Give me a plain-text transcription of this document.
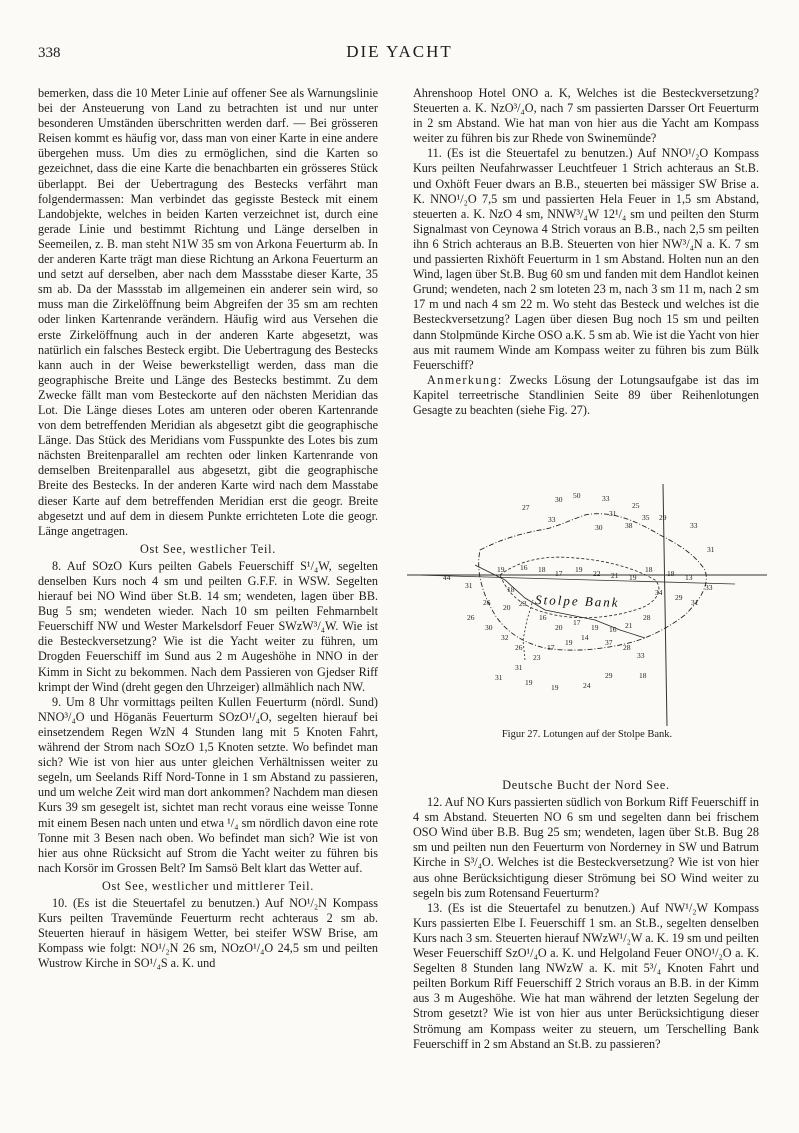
338	DIE YACHT

bemerken, dass die 10 Meter Linie auf offener See als Warnungslinie bei der Ansteuerung von Land zu betrachten ist und nur unter besonderen Umständen überschritten werden darf. — Bei grösseren Reisen kommt es häufig vor, dass man von einer Karte in eine andere übergehen muss. Um dies zu ermöglichen, sind die Karten so gezeichnet, dass die eine Karte die benachbarten ein grösseres Stück überlappt. Bei der Uebertragung des Bestecks verfährt man folgendermassen: Man verbindet das gegisste Besteck mit einem Landobjekte, welches in beiden Karten verzeichnet ist, durch eine gerade Linie und bestimmt Richtung und Länge derselben in Seemeilen, z. B. man steht N1W 35 sm von Arkona Feuerturm ab. In der anderen Karte trägt man diese Richtung an Arkona Feuerturm an und setzt auf derselben, aber nach dem Massstabe dieser Karte, 35 sm ab. Da der Massstab im allgemeinen ein anderer sein wird, so muss man die Zirkelöffnung beim Abgreifen der 35 sm am rechten oder linken Kartenrande verändern. Häufig wird aus Versehen die erste Zirkelöffnung auch in der anderen Karte abgesetzt, was natürlich ein falsches Besteck ergibt. Die Uebertragung des Bestecks kann auch in der Weise bewerkstelligt werden, dass man die geographische Breite und Länge des Bestecks bestimmt. Zu dem Zwecke fällt man vom Besteckorte auf den nächsten Meridian das Lot. Die Länge dieses Lotes am unteren oder oberen Kartenrande von dem betreffenden Meridian als abgesetzt gibt die geographische Länge. Das Stück des Meridians vom Fusspunkte des Lotes bis zum nächsten Breitenparallel am rechten oder linken Kartenrande von demselben Breitenparallel aus abgesetzt, gibt die geographische Breite des Bestecks. In der anderen Karte wird nach dem Masstabe dieser Karte auf dem betreffenden Meridian erst die geogr. Breite abgesetzt und auf dem in diesem Punkte errichteten Lote die geogr. Länge angetragen.

Ost See, westlicher Teil.

8. Auf SOzO Kurs peilten Gabels Feuerschiff S¹/₄W, segelten denselben Kurs noch 4 sm und peilten G.F.F. in WSW. Segelten hierauf bei NO Wind über St.B. 14 sm; wendeten, lagen über BB. Bug 5 sm; wendeten wieder. Nach 10 sm peilten Fehmarnbelt Feuerschiff NW und Wester Markelsdorf Feuer SWzW³/₄W. Wie ist die Besteckversetzung? Wie ist die Yacht weiter zu führen, um Drogden Feuerschiff im Sund aus 2 m Augeshöhe in NNO in der Kimm in Sicht zu bekommen. Nach dem Passieren von Gjedser Riff krimpt der Wind (dreht gegen den Uhrzeiger) allmählich nach NW.

9. Um 8 Uhr vormittags peilten Kullen Feuerturm (nördl. Sund) NNO³/₄O und Höganäs Feuerturm SOzO¹/₄O, segelten hierauf bei einsetzendem Regen WzN 4 Stunden lang mit 5 Knoten Fahrt, während der Strom nach SOzO 1,5 Knoten setzte. Wo befindet man sich? Wie ist von hier aus unter gleichen Verhältnissen weiter zu segeln, um Seelands Riff Nord-Tonne in 1 sm Abstand zu passieren, und um welche Zeit wird man dort ankommen? Nachdem man diesen Kurs 39 sm gesegelt ist, sichtet man recht voraus eine weisse Tonne mit einem Besen nach unten und etwa ¹/₄ sm nördlich davon eine rote Tonne mit 3 Besen nach oben. Wo befindet man sich? Wie ist von hier aus ohne Rücksicht auf Strom die Yacht weiter zu führen bis nach Korsör im Grossen Belt? Im Samsö Belt klart das Wetter auf.

Ost See, westlicher und mittlerer Teil.

10. (Es ist die Steuertafel zu benutzen.) Auf NO¹/₂N Kompass Kurs peilten Travemünde Feuerturm recht achteraus 2 sm ab. Steuerten hierauf in häsigem Wetter, bei steifer WSW Brise, am Kompass wie folgt: NO¹/₂N 26 sm, NOzO¹/₄O 24,5 sm und peilten Wustrow Kirche in SO¹/₄S a. K. und

Ahrenshoop Hotel ONO a. K, Welches ist die Besteckversetzung? Steuerten a. K. NzO³/₄O, nach 7 sm passierten Darsser Ort Feuerturm in 2 sm Abstand. Wie hat man von hier aus die Yacht am Kompass weiter zu führen bis zur Rhede von Swinemünde?

11. (Es ist die Steuertafel zu benutzen.) Auf NNO¹/₂O Kompass Kurs peilten Neufahrwasser Leuchtfeuer 1 Strich achteraus an St.B. und Oxhöft Feuer dwars an B.B., steuerten bei mässiger SW Brise a. K. NNO¹/₂O 7,5 sm und passierten Hela Feuer in 1,5 sm Abstand, steuerten a. K. NzO 4 sm, NNW³/₄W 12¹/₄ sm und peilten den Sturm Signalmast von Ceynowa 4 Strich voraus an B.B., nach 2,5 sm peilten ihn 6 Strich achteraus an B.B. Steuerten von hier NW³/₄N a. K. 7 sm und passierten Rixhöft Feuerturm in 1 sm Abstand. Holten nun an den Wind, lagen über St.B. Bug 60 sm und fanden mit dem Handlot keinen Grund; wendeten, nach 2 sm loteten 23 m, nach 3 sm 11 m, nach 2 sm 17 m und nach 4 sm 22 m. Wo steht das Besteck und welches ist die Besteckversetzung? Lagen über diesen Bug noch 15 sm und peilten dann Stolpmünde Kirche OSO a.K. 5 sm ab. Wie ist die Yacht von hier aus mit raumem Winde am Kompass weiter zu führen bis zum Bülk Feuerschiff?

Anmerkung: Zwecks Lösung der Lotungsaufgabe ist das im Kapitel terreetrische Standlinien Seite 89 über Reihenlotungen Gesagte zu beachten (siehe Fig. 27).

Stolpe Bank
30 50	33
25
27
35
31
33
30	38	33
29
31
44
19 16 18 17 19 22 21 19
18 18 13
18
31	33
26
20 23
16
20
17
19 16 21
28
26
30
32
26
34
29
31
37
28
33
14
19
17
23
31
31	29	18
19
19	24
Figur 27. Lotungen auf der Stolpe Bank.
Deutsche Bucht der Nord See.

12. Auf NO Kurs passierten südlich von Borkum Riff Feuerschiff in 4 sm Abstand. Steuerten NO 6 sm und segelten dann bei frischem OSO Wind über B.B. Bug 25 sm; wendeten, lagen über St.B. Bug 28 sm und peilten nun den Feuerturm von Norderney in SW und Batrum Kirche in S³/₄O. Welches ist die Besteckversetzung? Wie ist von hier aus ohne Berücksichtigung dieser Strömung bei SO Wind weiter zu segeln bis zum Rotensand Feuerturm?

13. (Es ist die Steuertafel zu benutzen.) Auf NW¹/₂W Kompass Kurs passierten Elbe I. Feuerschiff 1 sm. an St.B., segelten denselben Kurs nach 3 sm. Steuerten hierauf NWzW¹/₂W a. K. 19 sm und peilten Weser Feuerschiff SzO¹/₄O a. K. und Helgoland Feuer ONO¹/₂O a. K. Segelten 8 Stunden lang NWzW a. K. mit 5³/₄ Knoten Fahrt und peilten Borkum Riff Feuerschiff 2 Strich voraus an B.B. in der Kimm aus 3 m Augeshöhe. Wie hat man während der letzten Segelung der Strom gesetzt? Wie ist von hier aus unter Berücksichtigung dieser Strömung am Kompass weiter zu steuern, um Terschelling Bank Feuerschiff in 2 sm Abstand an St.B. zu passieren?
